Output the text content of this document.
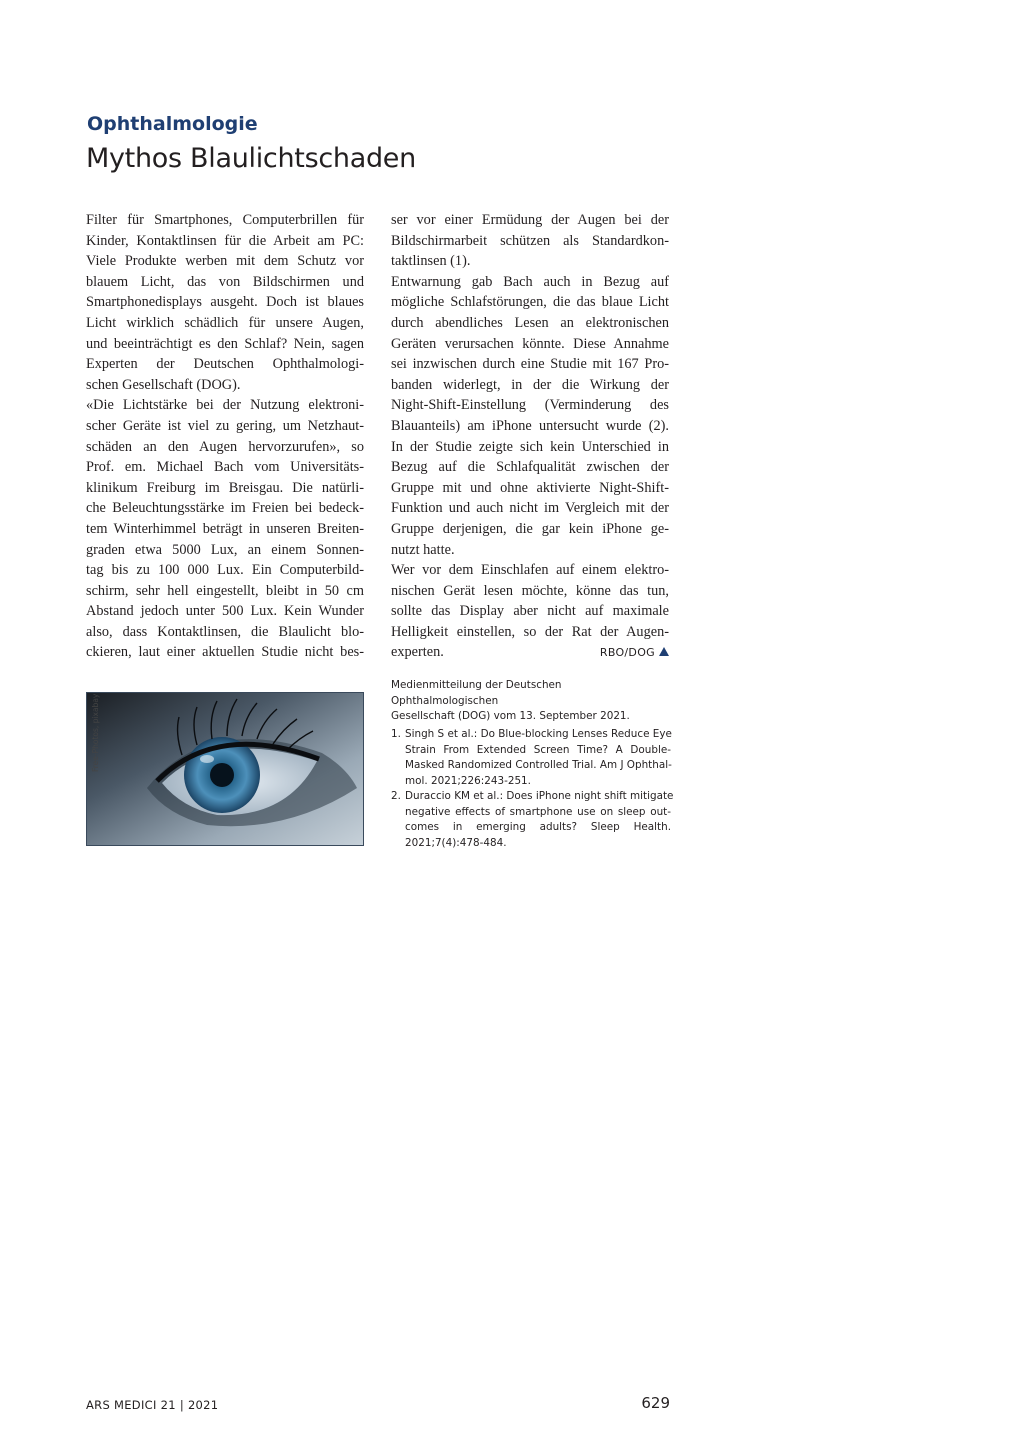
Ophthalmologie
Mythos Blaulichtschaden
Filter für Smartphones, Computerbrillen für
Kinder, Kontaktlinsen für die Arbeit am PC:
Viele Produkte werben mit dem Schutz vor
blauem Licht, das von Bildschirmen und
Smartphonedisplays ausgeht. Doch ist blaues
Licht wirklich schädlich für unsere Augen,
und beeinträchtigt es den Schlaf? Nein, sagen
Experten der Deutschen Ophthalmologi-
schen Gesellschaft (DOG).
«Die Lichtstärke bei der Nutzung elektroni-
scher Geräte ist viel zu gering, um Netzhaut-
schäden an den Augen hervorzurufen», so
Prof. em. Michael Bach vom Universitäts-
klinikum Freiburg im Breisgau. Die natürli-
che Beleuchtungsstärke im Freien bei bedeck-
tem Winterhimmel beträgt in unseren Breiten-
graden etwa 5000 Lux, an einem Sonnen-
tag bis zu 100 000 Lux. Ein Computerbild-
schirm, sehr hell eingestellt, bleibt in 50 cm
Abstand jedoch unter 500 Lux. Kein Wunder
also, dass Kontaktlinsen, die Blaulicht blo-
ckieren, laut einer aktuellen Studie nicht bes-
ser vor einer Ermüdung der Augen bei der
Bildschirmarbeit schützen als Standardkon-
taktlinsen (1).
Entwarnung gab Bach auch in Bezug auf
mögliche Schlafstörungen, die das blaue Licht
durch abendliches Lesen an elektronischen
Geräten verursachen könnte. Diese Annahme
sei inzwischen durch eine Studie mit 167 Pro-
banden widerlegt, in der die Wirkung der
Night-Shift-Einstellung (Verminderung des
Blauanteils) am iPhone untersucht wurde (2).
In der Studie zeigte sich kein Unterschied in
Bezug auf die Schlafqualität zwischen der
Gruppe mit und ohne aktivierte Night-Shift-
Funktion und auch nicht im Vergleich mit der
Gruppe derjenigen, die gar kein iPhone ge-
nutzt hatte.
Wer vor dem Einschlafen auf einem elektro-
nischen Gerät lesen möchte, könne das tun,
sollte das Display aber nicht auf maximale
Helligkeit einstellen, so der Rat der Augen-
experten.	RBO/DOG
Free-Photos, pixabay
Medienmitteilung der Deutschen Ophthalmologischen
Gesellschaft (DOG) vom 13. September 2021.
1. Singh S et al.: Do Blue-blocking Lenses Reduce Eye
Strain From Extended Screen Time? A Double-
Masked Randomized Controlled Trial. Am J Ophthal-
mol. 2021;226:243-251.
2. Duraccio KM et al.: Does iPhone night shift mitigate
negative effects of smartphone use on sleep out-
comes in emerging adults? Sleep Health.
2021;7(4):478-484.
ARS MEDICI 21 | 2021	629
